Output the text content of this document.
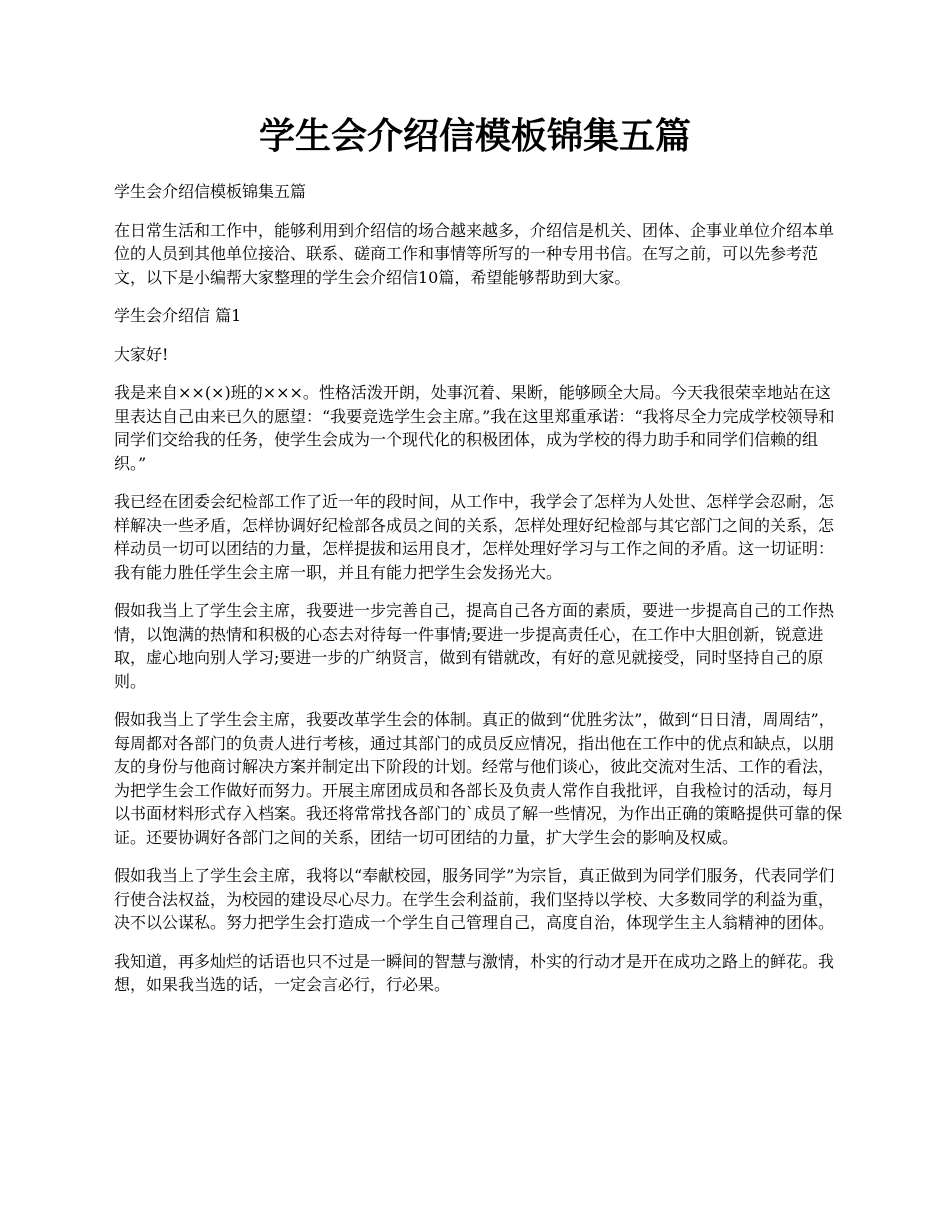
学生会介绍信模板锦集五篇

学生会介绍信模板锦集五篇

在日常生活和工作中，能够利用到介绍信的场合越来越多，介绍信是机关、团体、企事业单位介绍本单位的人员到其他单位接洽、联系、磋商工作和事情等所写的一种专用书信。在写之前，可以先参考范文，以下是小编帮大家整理的学生会介绍信10篇，希望能够帮助到大家。

学生会介绍信 篇1

大家好!

我是来自××(×)班的×××。性格活泼开朗，处事沉着、果断，能够顾全大局。今天我很荣幸地站在这里表达自己由来已久的愿望：“我要竞选学生会主席。”我在这里郑重承诺：“我将尽全力完成学校领导和同学们交给我的任务，使学生会成为一个现代化的积极团体，成为学校的得力助手和同学们信赖的组织。”

我已经在团委会纪检部工作了近一年的段时间，从工作中，我学会了怎样为人处世、怎样学会忍耐，怎样解决一些矛盾，怎样协调好纪检部各成员之间的关系，怎样处理好纪检部与其它部门之间的关系，怎样动员一切可以团结的力量，怎样提拔和运用良才，怎样处理好学习与工作之间的矛盾。这一切证明：我有能力胜任学生会主席一职，并且有能力把学生会发扬光大。

假如我当上了学生会主席，我要进一步完善自己，提高自己各方面的素质，要进一步提高自己的工作热情，以饱满的热情和积极的心态去对待每一件事情;要进一步提高责任心，在工作中大胆创新，锐意进取，虚心地向别人学习;要进一步的广纳贤言，做到有错就改，有好的意见就接受，同时坚持自己的原则。

假如我当上了学生会主席，我要改革学生会的体制。真正的做到“优胜劣汰”，做到“日日清，周周结”，每周都对各部门的负责人进行考核，通过其部门的成员反应情况，指出他在工作中的优点和缺点，以朋友的身份与他商讨解决方案并制定出下阶段的计划。经常与他们谈心，彼此交流对生活、工作的看法，为把学生会工作做好而努力。开展主席团成员和各部长及负责人常作自我批评，自我检讨的活动，每月以书面材料形式存入档案。我还将常常找各部门的`成员了解一些情况，为作出正确的策略提供可靠的保证。还要协调好各部门之间的关系，团结一切可团结的力量，扩大学生会的影响及权威。

假如我当上了学生会主席，我将以“奉献校园，服务同学”为宗旨，真正做到为同学们服务，代表同学们行使合法权益，为校园的建设尽心尽力。在学生会利益前，我们坚持以学校、大多数同学的利益为重，决不以公谋私。努力把学生会打造成一个学生自己管理自己，高度自治，体现学生主人翁精神的团体。

我知道，再多灿烂的话语也只不过是一瞬间的智慧与激情，朴实的行动才是开在成功之路上的鲜花。我想，如果我当选的话，一定会言必行，行必果。
